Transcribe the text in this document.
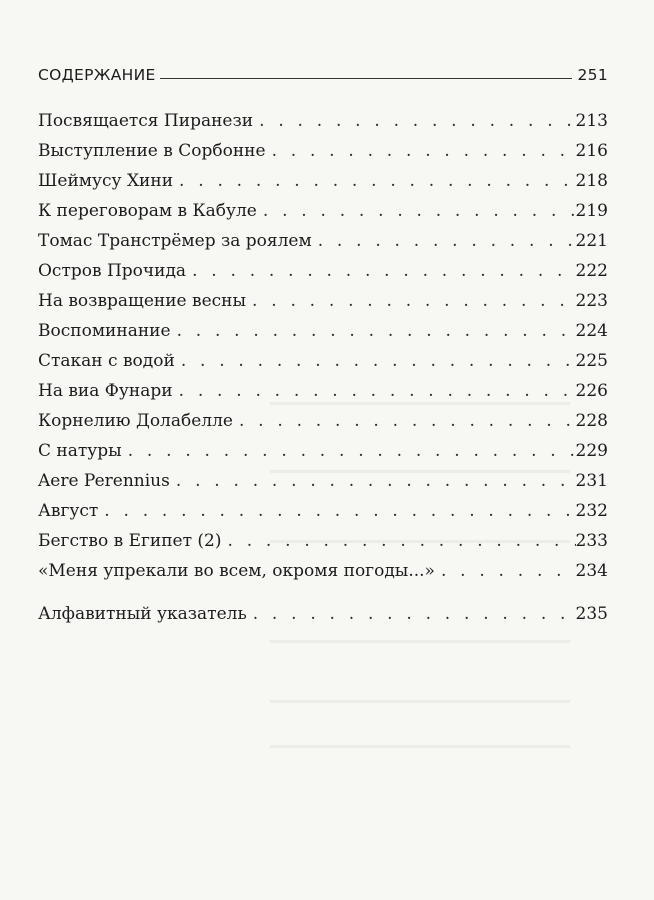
СОДЕРЖАНИЕ	251
Посвящается Пиранези . . .	213
Выступление в Сорбонне . . .	216
Шеймусу Хини . . .	218
К переговорам в Кабуле . . .	219
Томас Транстрёмер за роялем . . .	221
Остров Прочида . . .	222
На возвращение весны . . .	223
Воспоминание . . .	224
Стакан с водой . . .	225
На виа Фунари . . .	226
Корнелию Долабелле . . .	228
С натуры . . .	229
Aere Perennius . . .	231
Август . . .	232
Бегство в Египет (2) . . .	233
«Меня упрекали во всем, окромя погоды...» . . .	234
Алфавитный указатель . . .	235
